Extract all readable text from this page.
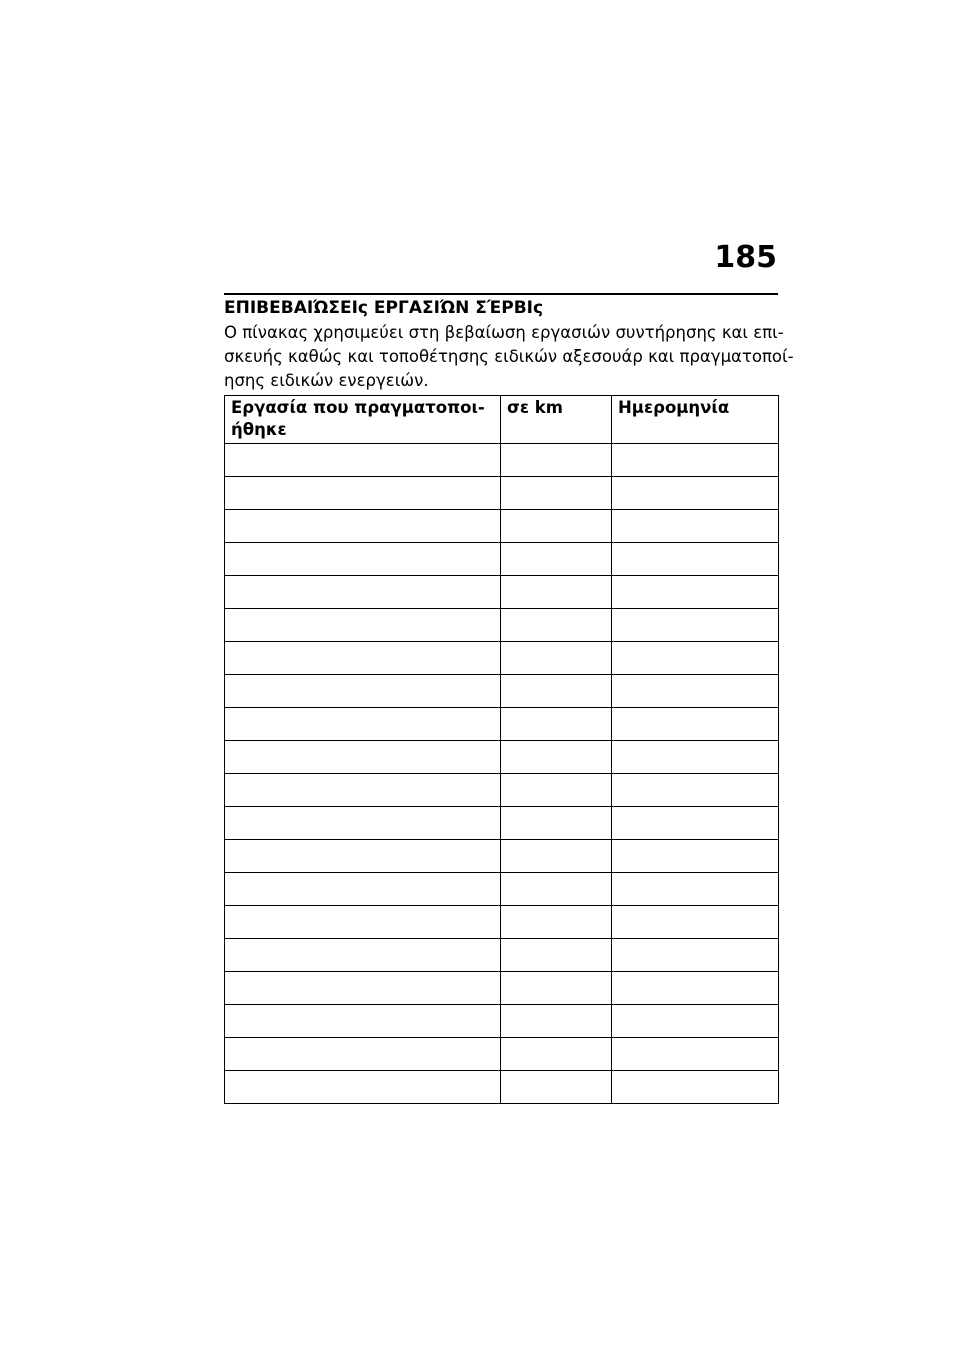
185
ΕΠΙΒΕΒΑΙΏΣΕΙς ΕΡΓΑΣΙΏΝ ΣΈΡΒΙς
Ο πίνακας χρησιμεύει στη βεβαίωση εργασιών συντήρησης και επι-
σκευής καθώς και τοποθέτησης ειδικών αξεσουάρ και πραγματοποί-
ησης ειδικών ενεργειών.
Εργασία που πραγματοποι-
ήθηκε	σε km	Ημερομηνία
